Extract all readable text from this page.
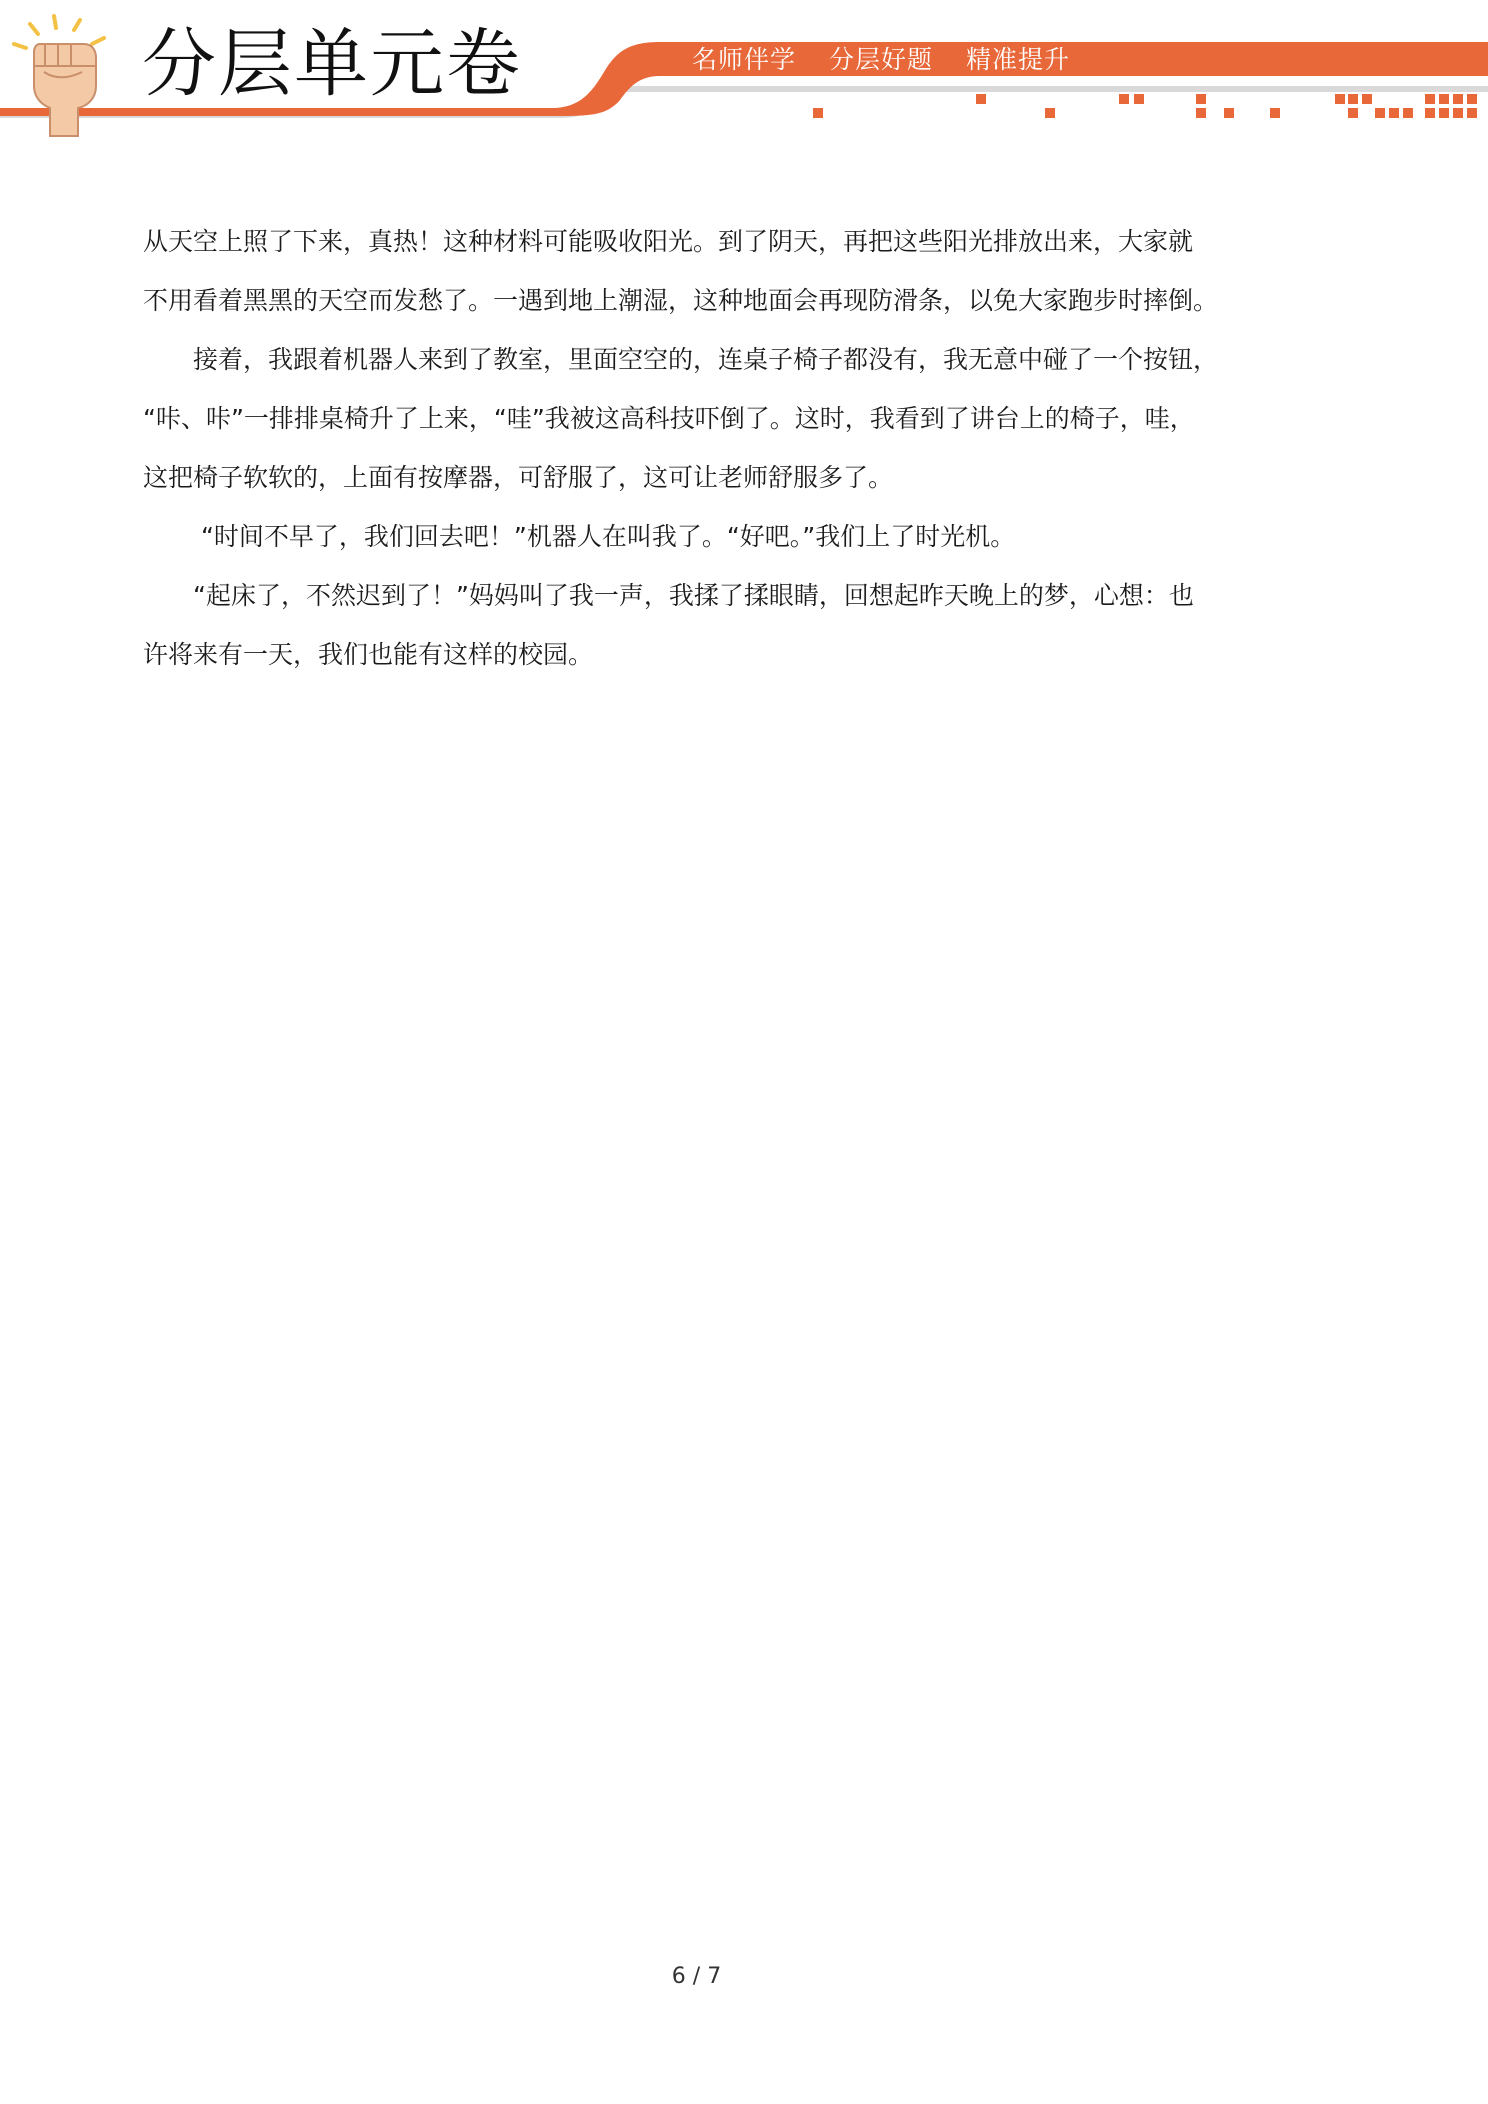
分层单元卷	名师伴学 分层好题 精准提升

从天空上照了下来，真热！这种材料可能吸收阳光。到了阴天，再把这些阳光排放出来，大家就

不用看着黑黑的天空而发愁了。一遇到地上潮湿，这种地面会再现防滑条，以免大家跑步时摔倒。

　　接着，我跟着机器人来到了教室，里面空空的，连桌子椅子都没有，我无意中碰了一个按钮，

“咔、咔”一排排桌椅升了上来，“哇”我被这高科技吓倒了。这时，我看到了讲台上的椅子，哇，

这把椅子软软的，上面有按摩器，可舒服了，这可让老师舒服多了。

　　 “时间不早了，我们回去吧！”机器人在叫我了。“好吧。”我们上了时光机。

　　“起床了，不然迟到了！”妈妈叫了我一声，我揉了揉眼睛，回想起昨天晚上的梦，心想：也

许将来有一天，我们也能有这样的校园。

6 / 7
